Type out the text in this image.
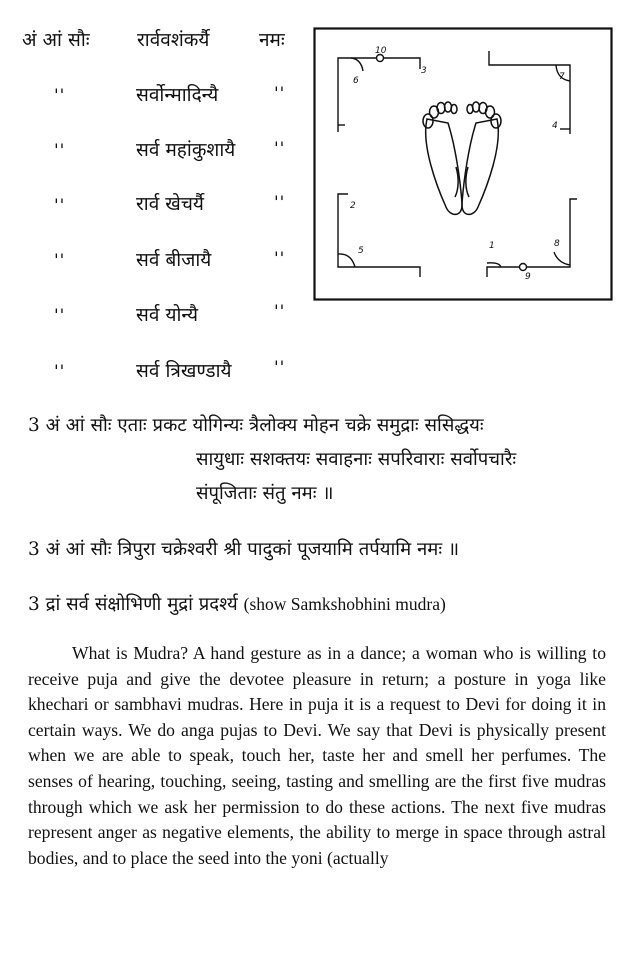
अं आं सौः रार्ववशंकर्यै	नमः
''	सर्वोन्मादिन्यै	''
''	सर्व महांकुशायै ''
''	रार्व खेचर्यै	''
''	सर्व बीजायै	''
''	सर्व योन्यै	''
''	सर्व त्रिखण्डायै ''
10
3
6	7
4
2
5	1	8
9
3 अं आं सौः एताः प्रकट योगिन्यः त्रैलोक्य मोहन चक्रे समुद्राः ससिद्धयः
सायुधाः सशक्तयः सवाहनाः सपरिवाराः सर्वोपचारैः
संपूजिताः संतु नमः ॥
3 अं आं सौः त्रिपुरा चक्रेश्वरी श्री पादुकां पूजयामि तर्पयामि नमः ॥
3 द्रां सर्व संक्षोभिणी मुद्रां प्रदर्श्य (show Samkshobhini mudra)

What is Mudra? A hand gesture as in a dance; a woman who is willing to receive puja and give the devotee pleasure in return; a posture in yoga like khechari or sambhavi mudras. Here in puja it is a request to Devi for doing it in certain ways. We do anga pujas to Devi. We say that Devi is physically present when we are able to speak, touch her, taste her and smell her perfumes. The senses of hearing, touching, seeing, tasting and smelling are the first five mudras through which we ask her permission to do these actions. The next five mudras represent anger as negative elements, the ability to merge in space through astral bodies, and to place the seed into the yoni (actually
